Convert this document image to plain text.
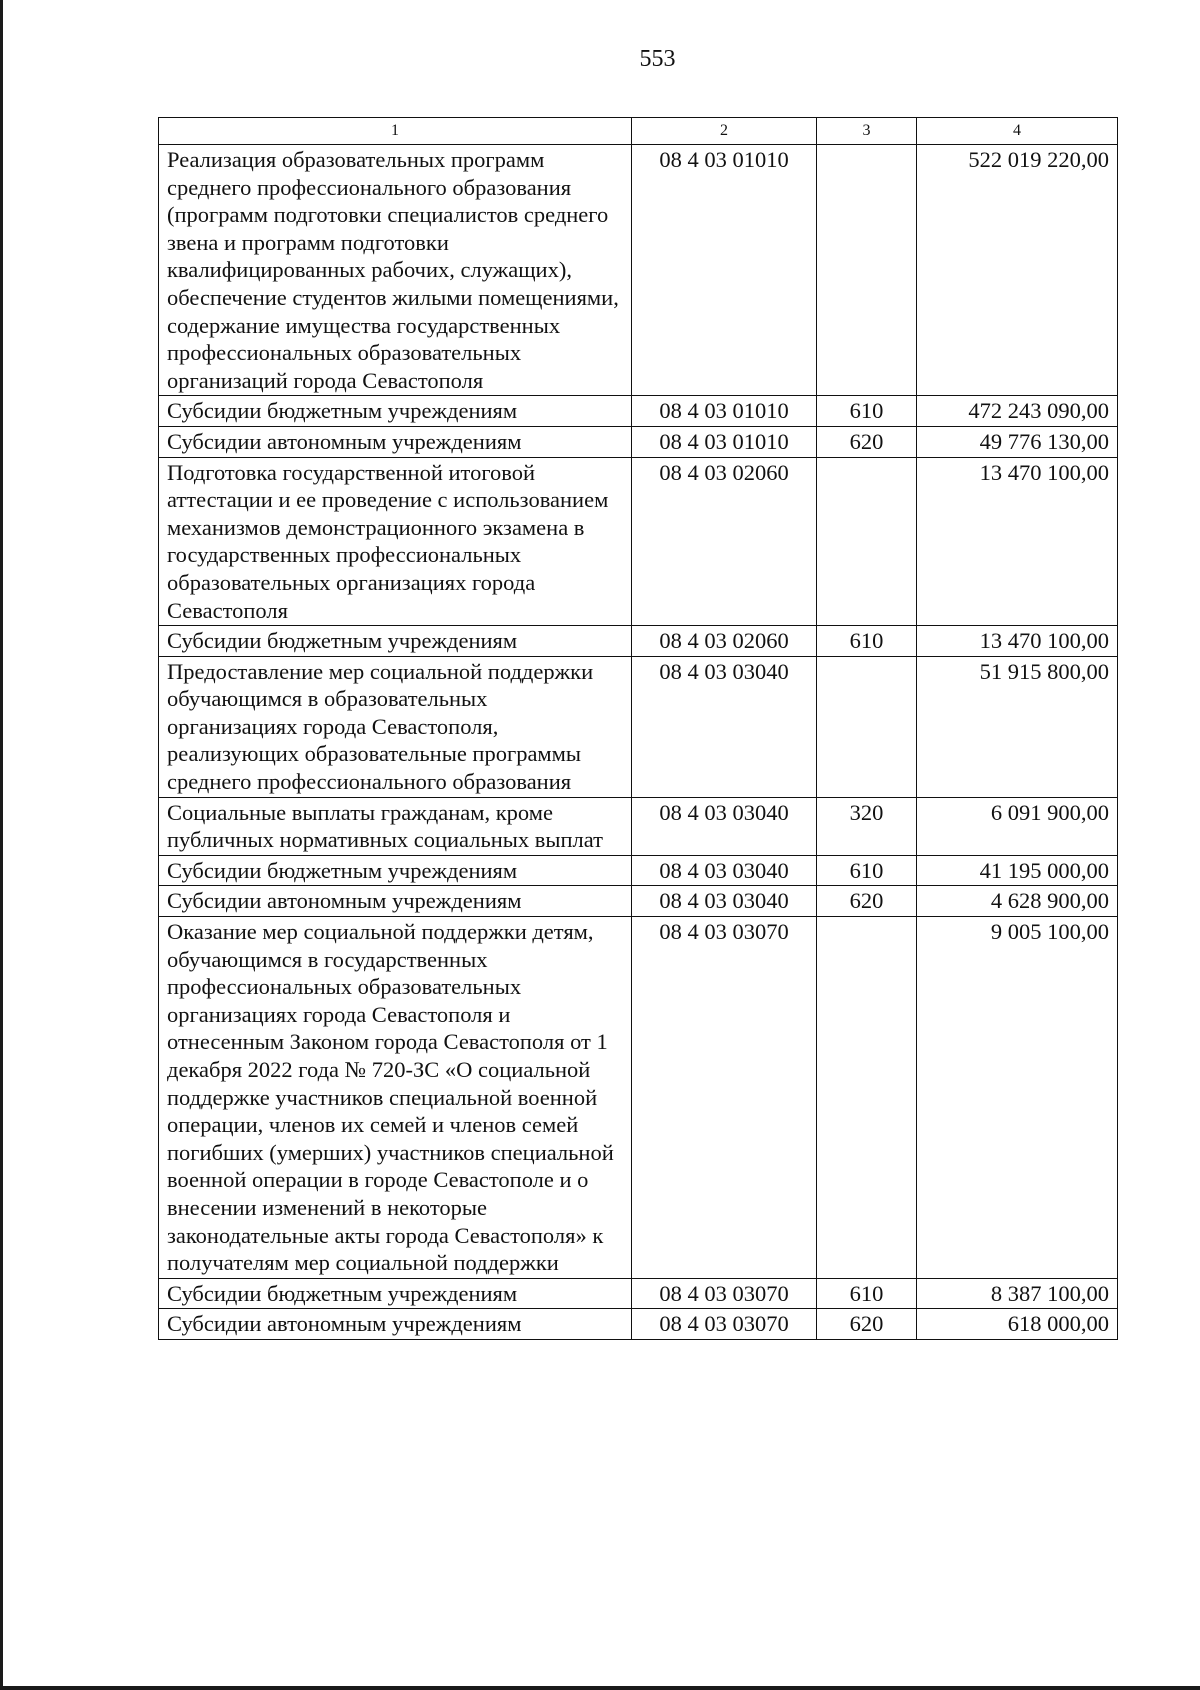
553
1	2	3	4
Реализация образовательных программ среднего профессионального образования (программ подготовки специалистов среднего звена и программ подготовки квалифицированных рабочих, служащих), обеспечение студентов жилыми помещениями, содержание имущества государственных профессиональных образовательных организаций города Севастополя	08 4 03 01010		522 019 220,00
Субсидии бюджетным учреждениям	08 4 03 01010	610	472 243 090,00
Субсидии автономным учреждениям	08 4 03 01010	620	49 776 130,00
Подготовка государственной итоговой аттестации и ее проведение с использованием механизмов демонстрационного экзамена в государственных профессиональных образовательных организациях города Севастополя	08 4 03 02060		13 470 100,00
Субсидии бюджетным учреждениям	08 4 03 02060	610	13 470 100,00
Предоставление мер социальной поддержки обучающимся в образовательных организациях города Севастополя, реализующих образовательные программы среднего профессионального образования	08 4 03 03040		51 915 800,00
Социальные выплаты гражданам, кроме публичных нормативных социальных выплат	08 4 03 03040	320	6 091 900,00
Субсидии бюджетным учреждениям	08 4 03 03040	610	41 195 000,00
Субсидии автономным учреждениям	08 4 03 03040	620	4 628 900,00
Оказание мер социальной поддержки детям, обучающимся в государственных профессиональных образовательных организациях города Севастополя и отнесенным Законом города Севастополя от 1 декабря 2022 года № 720-ЗС «О социальной поддержке участников специальной военной операции, членов их семей и членов семей погибших (умерших) участников специальной военной операции в городе Севастополе и о внесении изменений в некоторые законодательные акты города Севастополя» к получателям мер социальной поддержки	08 4 03 03070		9 005 100,00
Субсидии бюджетным учреждениям	08 4 03 03070	610	8 387 100,00
Субсидии автономным учреждениям	08 4 03 03070	620	618 000,00
